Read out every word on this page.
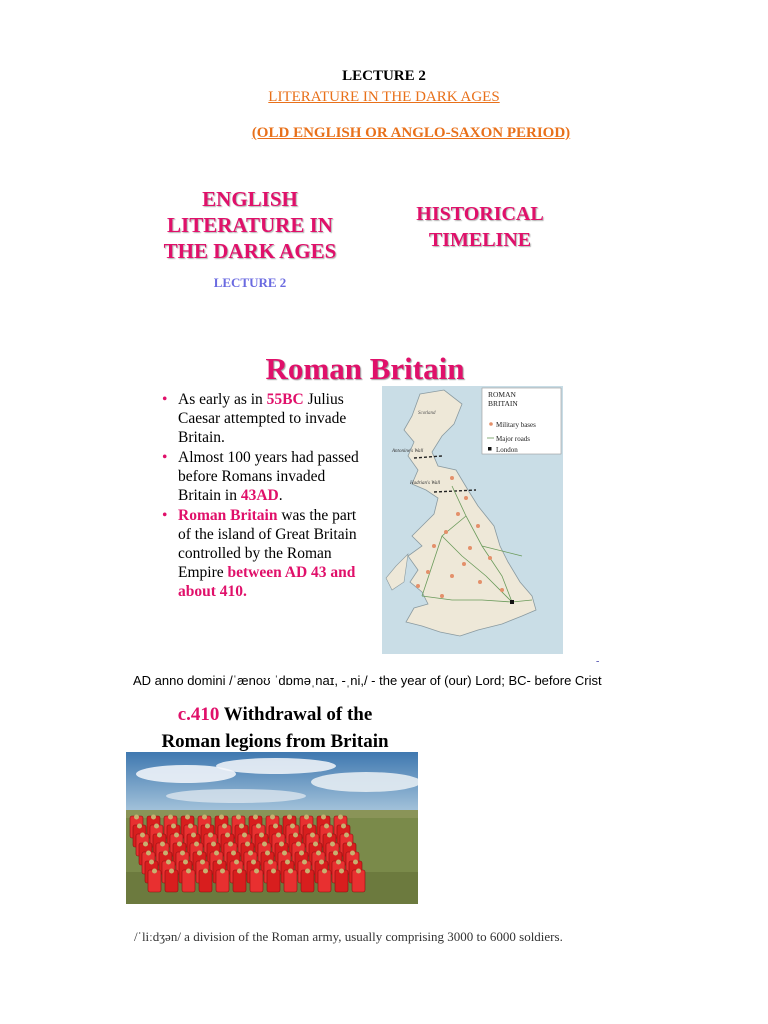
LECTURE 2
LITERATURE IN THE DARK AGES
(OLD ENGLISH OR ANGLO-SAXON PERIOD)
ENGLISH
LITERATURE IN
THE DARK AGES
LECTURE 2
HISTORICAL
TIMELINE
Roman Britain
• As early as in 55BC Julius Caesar attempted to invade Britain.
• Almost 100 years had passed before Romans invaded Britain in 43AD.
• Roman Britain was the part of the island of Great Britain controlled by the Roman Empire between AD 43 and about 410.
ROMAN
BRITAIN
Military bases
Major roads
London
Scotland
Antonine's Wall
Hadrian's Wall
-
AD anno domini /ˈænoʊ ˈdɒməˌnaɪ, -ˌni,/ - the year of (our) Lord; BC- before Crist
c.410 Withdrawal of the
Roman legions from Britain
/ˈliːdʒən/ a division of the Roman army, usually comprising 3000 to 6000 soldiers.
